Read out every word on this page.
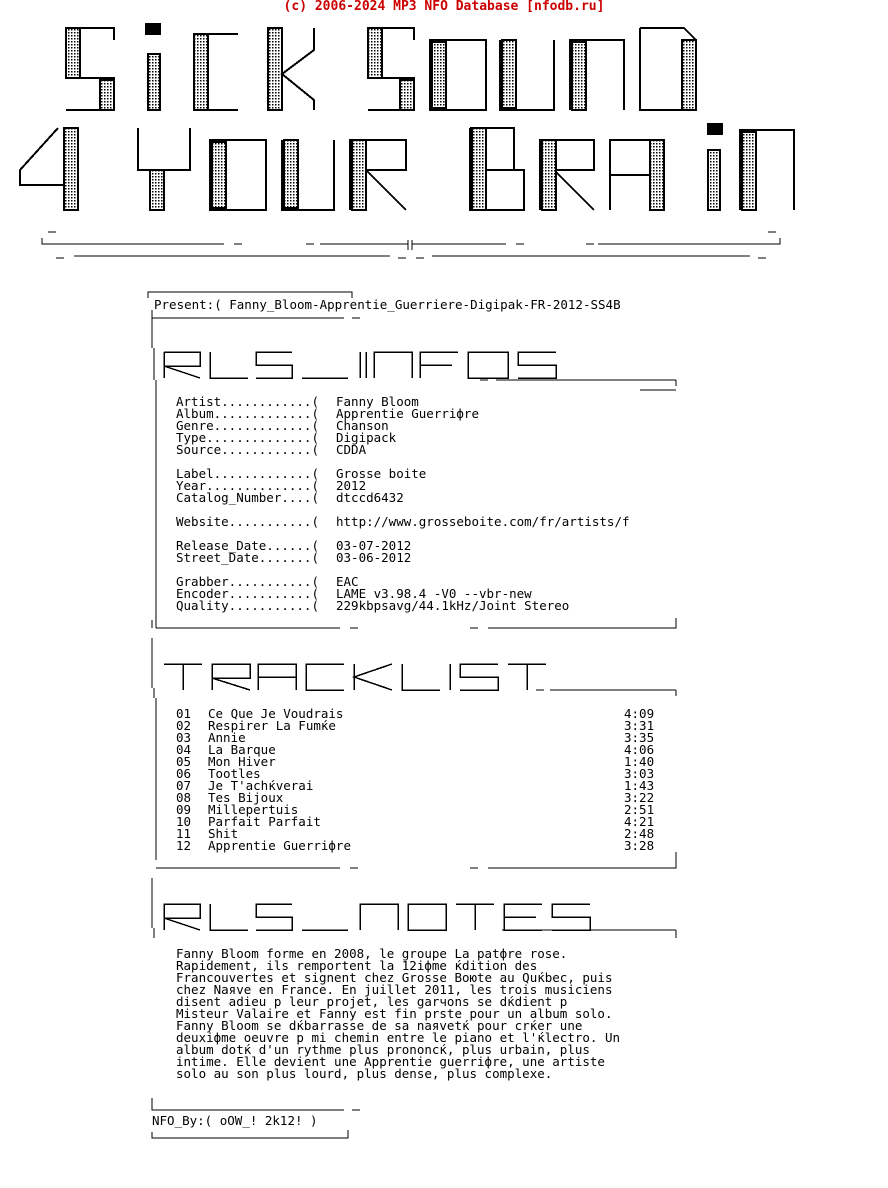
(c) 2006-2024 MP3 NFO Database [nfodb.ru]

Present:( Fanny_Bloom-Apprentie_Guerriere-Digipak-FR-2012-SS4B

RLS_INFOS
Artist............( Fanny Bloom
Album.............( Apprentie Guerriфre
Genre.............( Chanson
Type..............( Digipack
Source............( CDDA
Label.............( Grosse boite
Year..............( 2012
Catalog_Number....( dtccd6432
Website...........( http://www.grosseboite.com/fr/artists/f
Release_Date......( 03-07-2012
Street_Date.......( 03-06-2012
Grabber...........( EAC
Encoder...........( LAME v3.98.4 -V0 --vbr-new
Quality...........( 229kbpsavg/44.1kHz/Joint Stereo
TRACKLIST
01 Ce Que Je Voudrais	4:09
02 Respirer La Fumќe	3:31
03 Annie	3:35
04 La Barque	4:06
05 Mon Hiver	1:40
06 Tootles	3:03
07 Je T'achќverai	1:43
08 Tes Bijoux	3:22
09 Millepertuis	2:51
10 Parfait Parfait	4:21
11 Shit	2:48
12 Apprentie Guerriфre	3:28
RLS_NOTES
Fanny Bloom forme en 2008, le groupe La patфre rose.
Rapidement, ils remportent la 12iфme ќdition des
Francouvertes et signent chez Grosse Boюte au Quќbec, puis
chez Naяve en France. En juillet 2011, les trois musiciens
disent adieu р leur projet, les garчons se dќdient р
Misteur Valaire et Fanny est fin prѕte pour un album solo.
Fanny Bloom se dќbarrasse de sa naяvetќ pour crќer une
deuxiфme oeuvre р mi chemin entre le piano et l'ќlectro. Un
album dotќ d'un rythme plus prononcќ, plus urbain, plus
intime. Elle devient une Apprentie guerriфre, une artiste
solo au son plus lourd, plus dense, plus complexe.

NFO_By:( oOW_! 2k12! )
